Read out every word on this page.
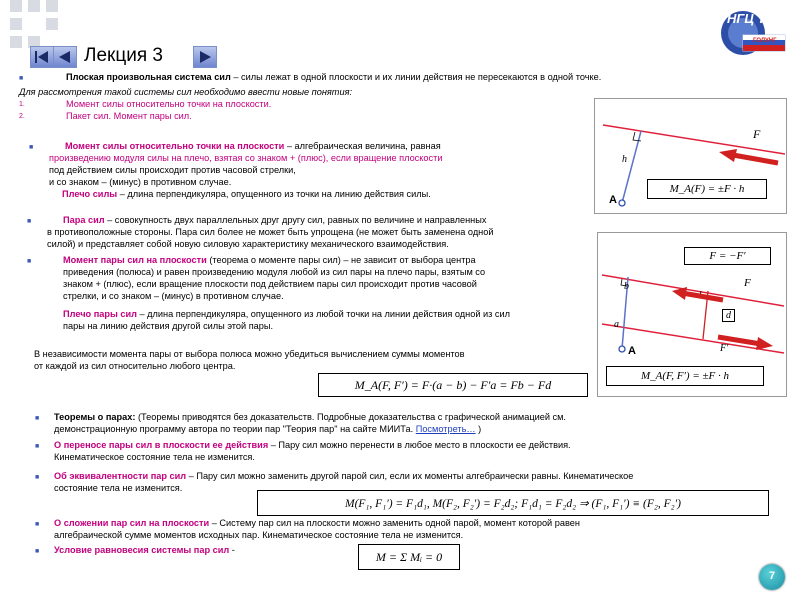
НГЦ ТТ
ГОЛУНГ
Лекция 3
■	Плоская произвольная система сил – силы лежат в одной плоскости и их линии действия не пересекаются в одной точке.
Для рассмотрения такой системы сил необходимо ввести новые понятия:
1.	Момент силы относительно точки на плоскости.
2.	Пакет сил. Момент пары сил.
■	Момент силы относительно точки на плоскости – алгебраическая величина, равная
произведению модуля силы на плечо, взятая со знаком + (плюс), если вращение плоскости
под действием силы происходит против часовой стрелки,
и со знаком – (минус) в противном случае.
Плечо силы – длина перпендикуляра, опущенного из точки на линию действия силы.
■	Пара сил – совокупность двух параллельных друг другу сил, равных по величине и направленных
в противоположные стороны. Пара сил более не может быть упрощена (не может быть заменена одной
силой) и представляет собой новую силовую характеристику механического взаимодействия.
■	Момент пары сил на плоскости (теорема о моменте пары сил) – не зависит от выбора центра
приведения (полюса) и равен произведению модуля любой из сил пары на плечо пары, взятым со
знаком + (плюс), если вращение плоскости под действием пары сил происходит против часовой
стрелки, и со знаком – (минус) в противном случае.
Плечо пары сил – длина перпендикуляра, опущенного из любой точки на линии действия одной из сил
пары на линию действия другой силы этой пары.
В независимости момента пары от выбора полюса можно убедиться вычислением суммы моментов
от каждой из сил относительно любого центра.
M_A(F, F′) = F·(a − b) − F′a = Fb − Fd
F
h
A
M_A(F) = ±F · h
F = −F′
F
b
a
d
F′
A
M_A(F, F′) = ±F · h
■ Теоремы о парах: (Теоремы приводятся без доказательств. Подробные доказательства с графической анимацией см.
демонстрационную программу автора по теории пар "Теория пар" на сайте МИИТа. Посмотреть… )
■ О переносе пары сил в плоскости ее действия – Пару сил можно перенести в любое место в плоскости ее действия.
Кинематическое состояние тела не изменится.
■ Об эквивалентности пар сил – Пару сил можно заменить другой парой сил, если их моменты алгебраически равны. Кинематическое
состояние тела не изменится.
M(F₁, F₁′) = F₁d₁, M(F₂, F₂′) = F₂d₂; F₁d₁ = F₂d₂ ⇒ (F₁, F₁′) ≡ (F₂, F₂′)
■ О сложении пар сил на плоскости – Систему пар сил на плоскости можно заменить одной парой, момент которой равен
алгебраической сумме моментов исходных пар. Кинематическое состояние тела не изменится.
■ Условие равновесия системы пар сил -	M = Σ Mᵢ = 0
7
